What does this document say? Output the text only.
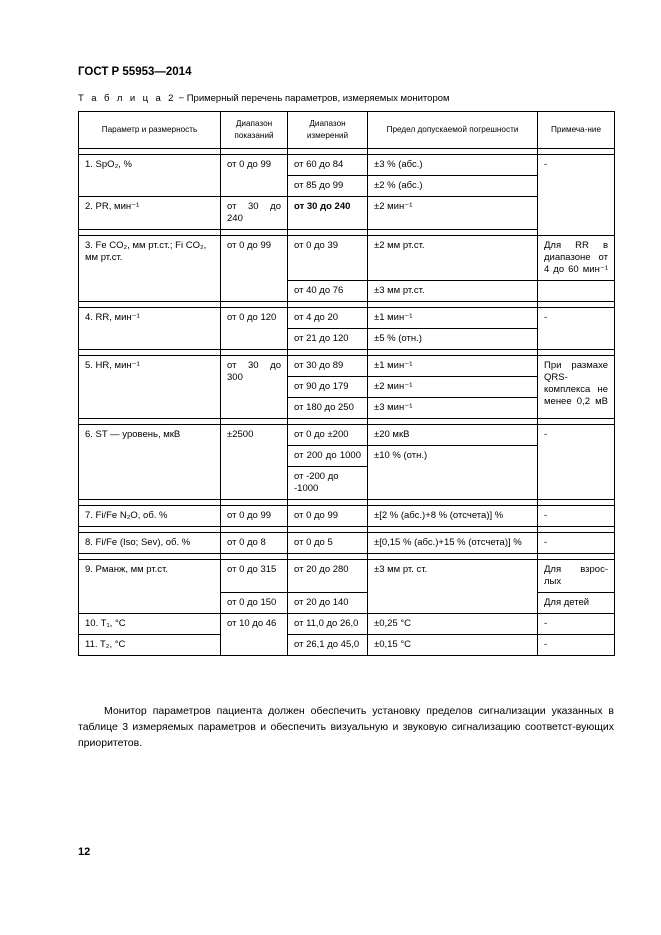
ГОСТ Р 55953—2014
Т а б л и ц а 2 − Примерный перечень параметров, измеряемых монитором
Параметр и размерность	Диапазон показаний	Диапазон измерений	Предел допускаемой погрешности	Примеча-ние

1. SpO₂, %	от 0 до 99	от 60 до 84	±3 % (абс.)	-
		от 85 до 99	±2 % (абс.)	
2. PR, мин⁻¹	от 30 до 240	от 30 до 240	±2 мин⁻¹	

3. Fe CO₂, мм рт.ст.; Fi CO₂, мм рт.ст.	от 0 до 99	от 0 до 39	±2 мм рт.ст.	Для RR в диапазоне от 4 до 60 мин⁻¹
		от 40 до 76	±3 мм рт.ст.	

4. RR, мин⁻¹	от 0 до 120	от 4 до 20	±1 мин⁻¹	-
		от 21 до 120	±5 % (отн.)	

5. HR, мин⁻¹	от 30 до 300	от 30 до 89	±1 мин⁻¹	При размахе QRS-комплекса не менее 0,2 мВ
		от 90 до 179	±2 мин⁻¹	
		от 180 до 250	±3 мин⁻¹	

6. ST — уровень, мкВ	±2500	от 0 до ±200	±20 мкВ	-
		от 200 до 1000	±10 % (отн.)	
		от -200 до -1000		

7. Fi/Fe N₂O, об. %	от 0 до 99	от 0 до 99	±[2 % (абс.)+8 % (отсчета)] %	-

8. Fi/Fe (Iso; Sev), об. %	от 0 до 8	от 0 до 5	±[0,15 % (абс.)+15 % (отсчета)] %	-

9. Pманж, мм рт.ст.	от 0 до 315	от 20 до 280	±3 мм рт. ст.	Для взрос-лых
	от 0 до 150	от 20 до 140		Для детей
10. T₁, °C	от 10 до 46	от 11,0 до 26,0	±0,25 °C	-
11. T₂, °C		от 26,1 до 45,0	±0,15 °C	-
Монитор параметров пациента должен обеспечить установку пределов сигнализации указанных в таблице 3 измеряемых параметров и обеспечить визуальную и звуковую сигнализацию соответст-вующих приоритетов.
12
